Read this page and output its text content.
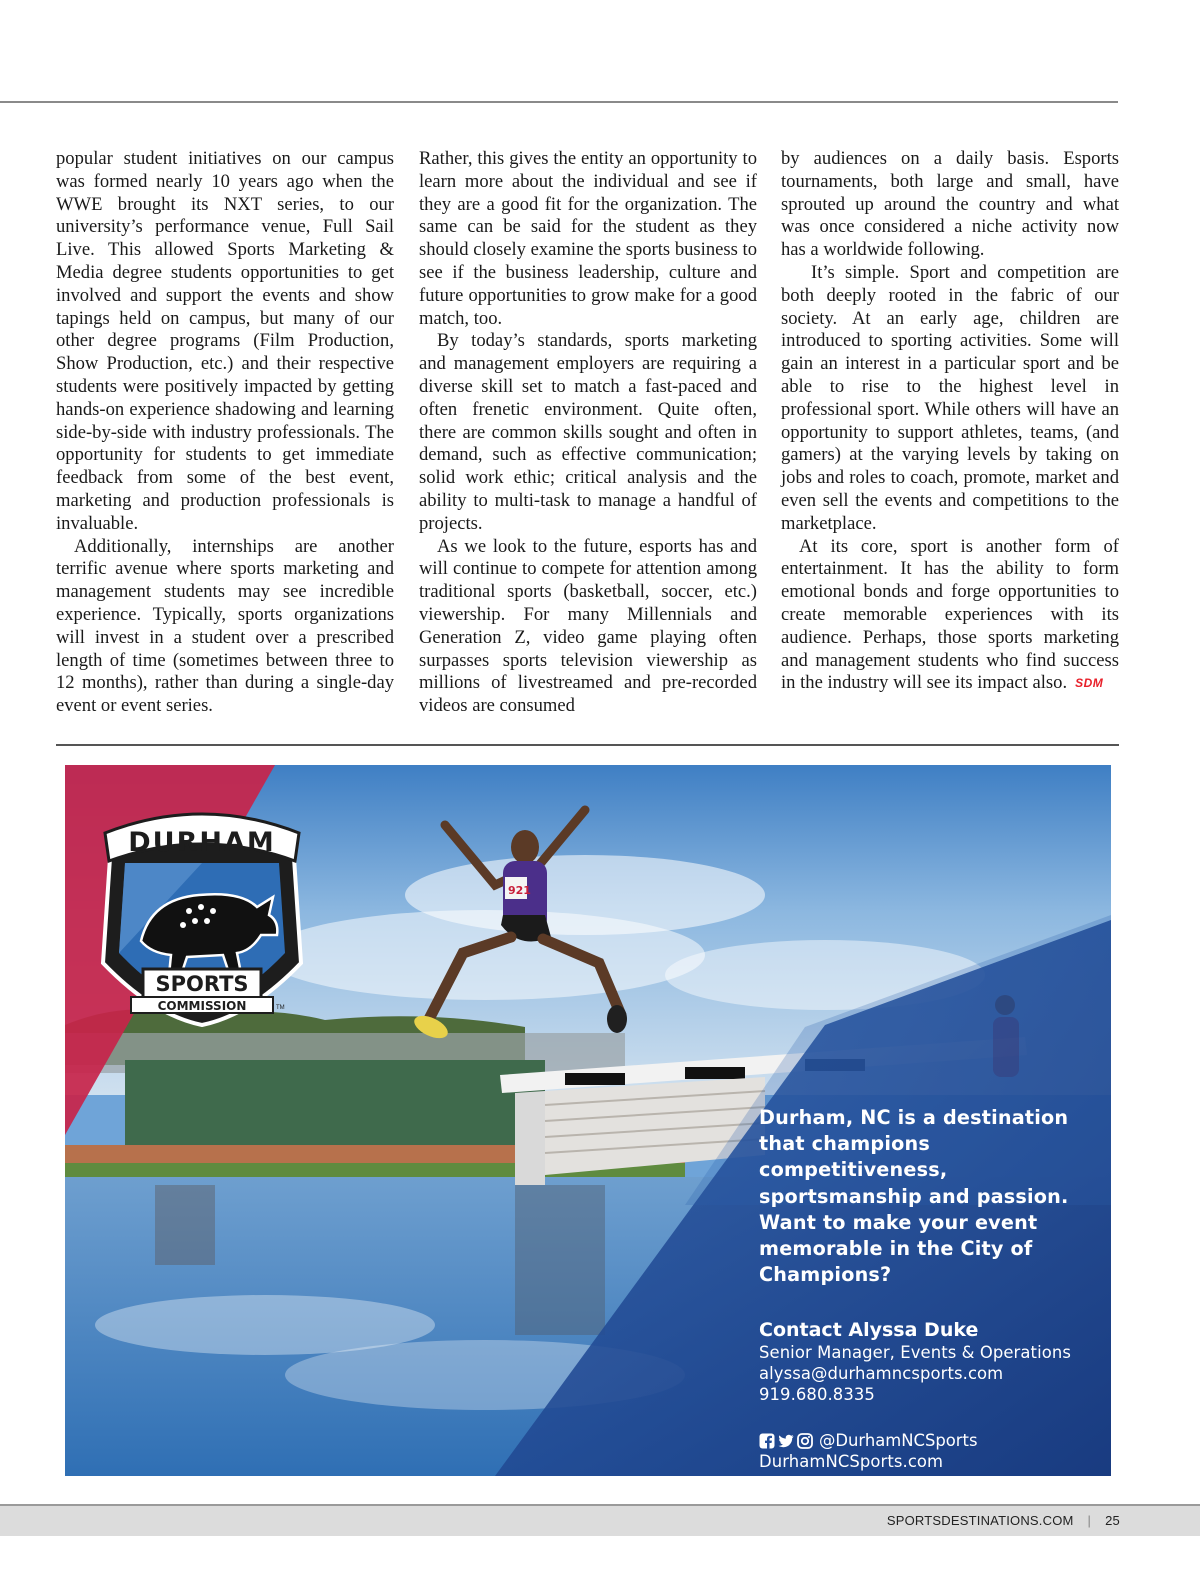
popular student initiatives on our campus was formed nearly 10 years ago when the WWE brought its NXT series, to our university’s performance venue, Full Sail Live. This allowed Sports Marketing & Media degree students opportunities to get involved and support the events and show tapings held on campus, but many of our other degree programs (Film Production, Show Production, etc.) and their respective students were positively impacted by getting hands-on experience shadowing and learning side-by-side with industry professionals. The opportunity for students to get immediate feedback from some of the best event, marketing and production professionals is invaluable.

Additionally, internships are another terrific avenue where sports marketing and management students may see incredible experience. Typically, sports organizations will invest in a student over a prescribed length of time (sometimes between three to 12 months), rather than during a single-day event or event series.

Rather, this gives the entity an opportunity to learn more about the individual and see if they are a good fit for the organization. The same can be said for the student as they should closely examine the sports business to see if the business leadership, culture and future opportunities to grow make for a good match, too.

By today’s standards, sports marketing and management employers are requiring a diverse skill set to match a fast-paced and often frenetic environment. Quite often, there are common skills sought and often in demand, such as effective communication; solid work ethic; critical analysis and the ability to multi-task to manage a handful of projects.

As we look to the future, esports has and will continue to compete for attention among traditional sports (basketball, soccer, etc.) viewership. For many Millennials and Generation Z, video game playing often surpasses sports television viewership as millions of livestreamed and pre-recorded videos are consumed

by audiences on a daily basis. Esports tournaments, both large and small, have sprouted up around the country and what was once considered a niche activity now has a worldwide following.

It’s simple. Sport and competition are both deeply rooted in the fabric of our society. At an early age, children are introduced to sporting activities. Some will gain an interest in a particular sport and be able to rise to the highest level in professional sport. While others will have an opportunity to support athletes, teams, (and gamers) at the varying levels by taking on jobs and roles to coach, promote, market and even sell the events and competitions to the marketplace.

At its core, sport is another form of entertainment. It has the ability to form emotional bonds and forge opportunities to create memorable experiences with its audience. Perhaps, those sports marketing and management students who find success in the industry will see its impact also. SDM

921
DURHAM
SPORTS
COMMISSION	TM
Durham, NC is a destination that champions competitiveness, sportsmanship and passion. Want to make your event memorable in the City of Champions?
Contact Alyssa Duke
Senior Manager, Events & Operations
alyssa@durhamncsports.com
919.680.8335
@DurhamNCSports
DurhamNCSports.com
SPORTSDESTINATIONS.COM | 25
